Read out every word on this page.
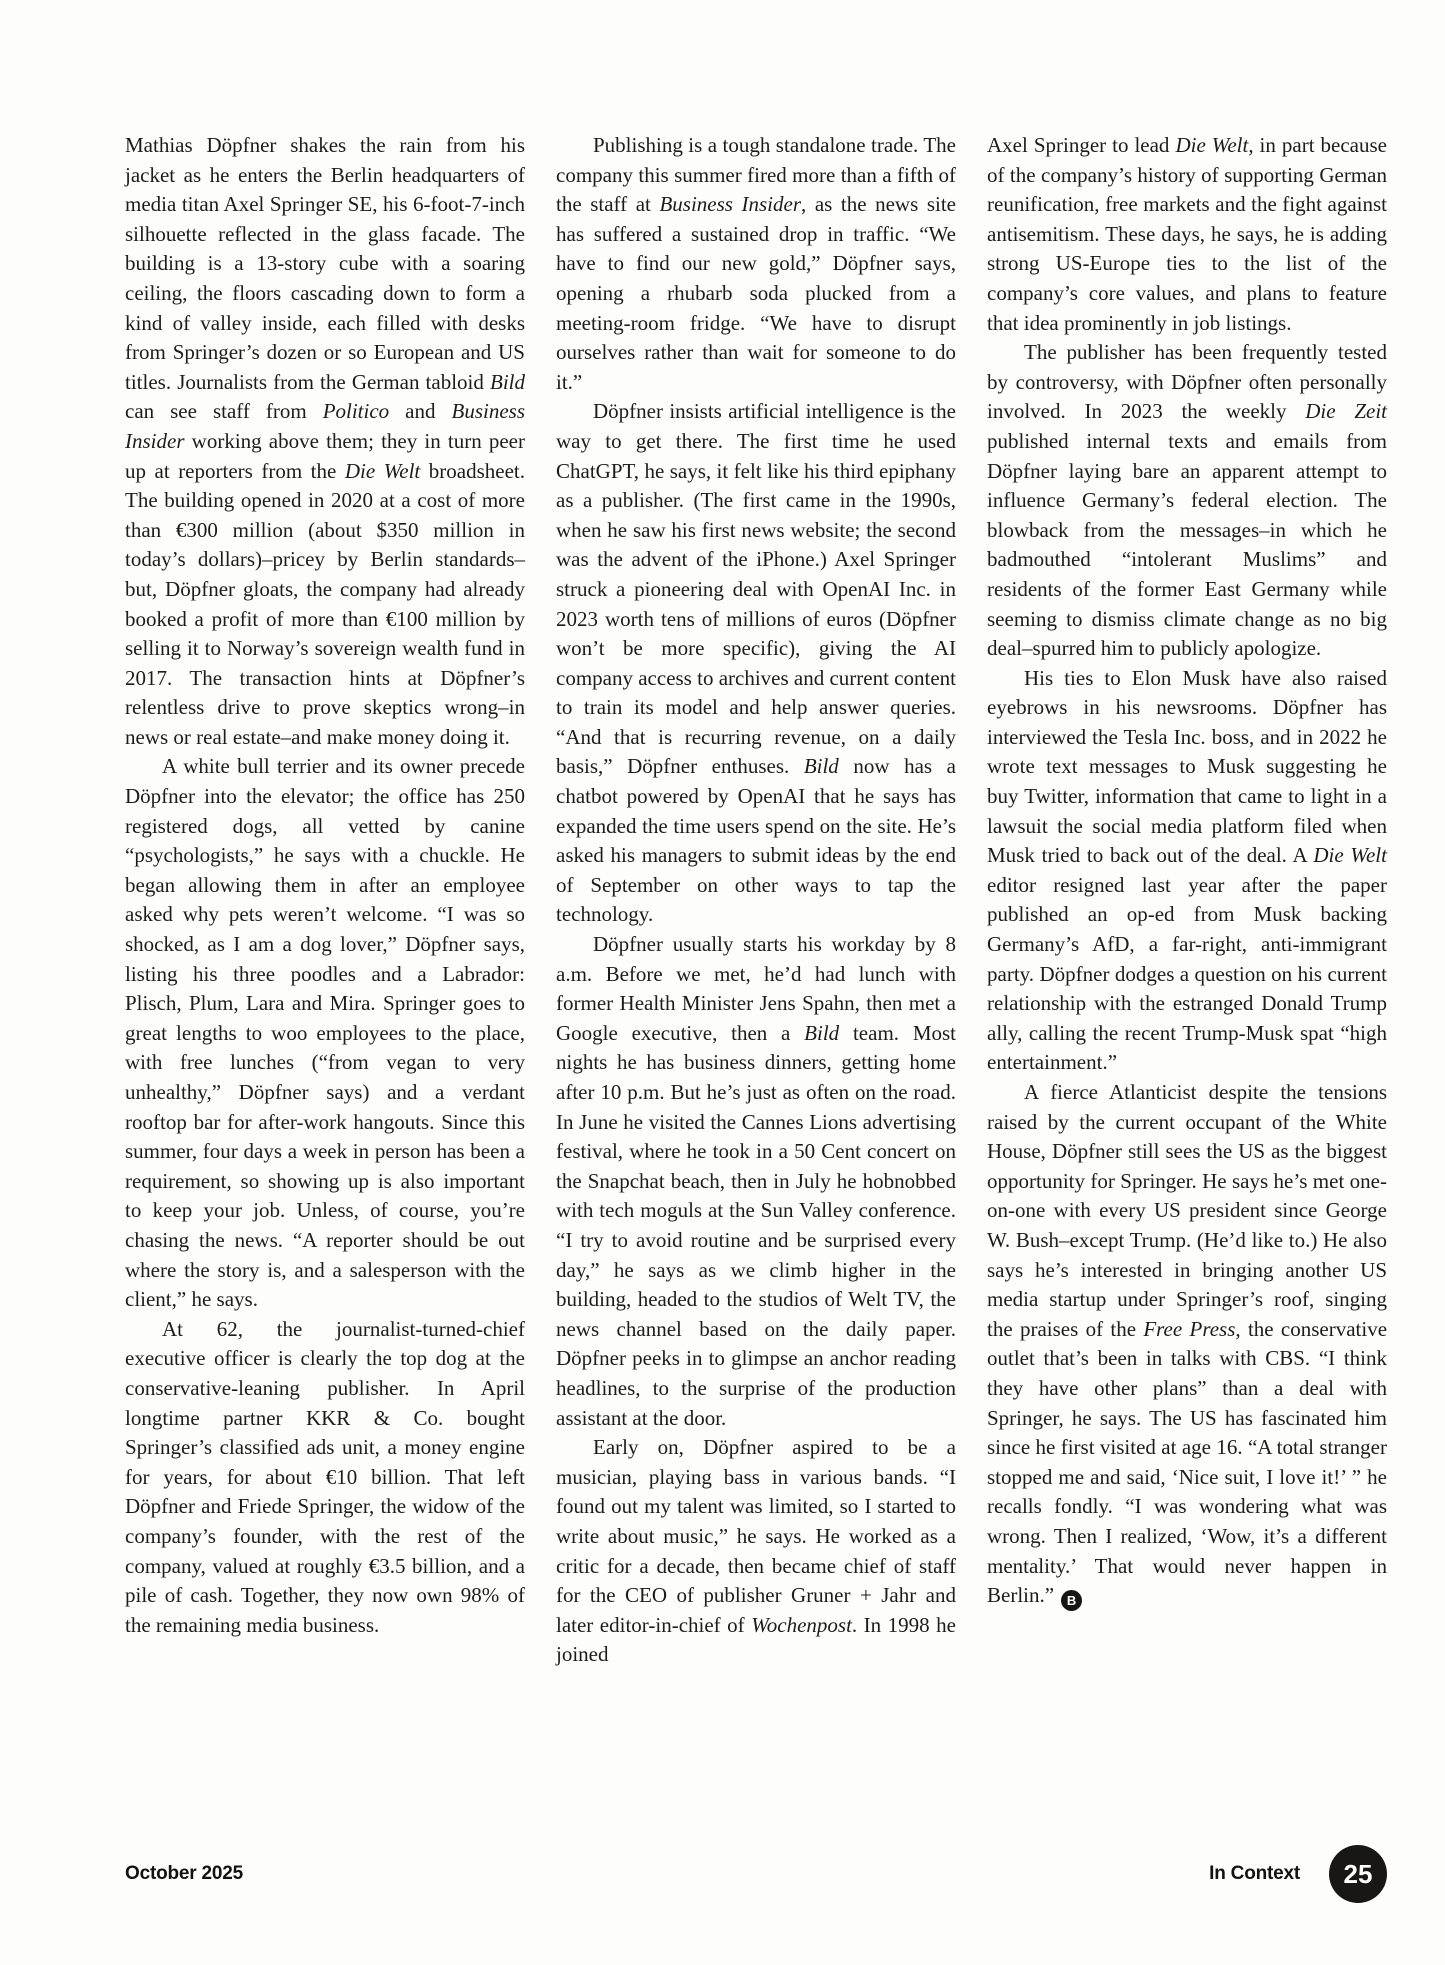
Mathias Döpfner shakes the rain from his jacket as he enters the Berlin headquarters of media titan Axel Springer SE, his 6-foot-7-inch silhouette reflected in the glass facade. The building is a 13-story cube with a soaring ceiling, the floors cascading down to form a kind of valley inside, each filled with desks from Springer’s dozen or so European and US titles. Journalists from the German tabloid Bild can see staff from Politico and Business Insider working above them; they in turn peer up at reporters from the Die Welt broadsheet. The building opened in 2020 at a cost of more than €300 million (about $350 million in today’s dollars)–pricey by Berlin standards–but, Döpfner gloats, the company had already booked a profit of more than €100 million by selling it to Norway’s sovereign wealth fund in 2017. The transaction hints at Döpfner’s relentless drive to prove skeptics wrong–in news or real estate–and make money doing it.

A white bull terrier and its owner precede Döpfner into the elevator; the office has 250 registered dogs, all vetted by canine “psychologists,” he says with a chuckle. He began allowing them in after an employee asked why pets weren’t welcome. “I was so shocked, as I am a dog lover,” Döpfner says, listing his three poodles and a Labrador: Plisch, Plum, Lara and Mira. Springer goes to great lengths to woo employees to the place, with free lunches (“from vegan to very unhealthy,” Döpfner says) and a verdant rooftop bar for after-work hangouts. Since this summer, four days a week in person has been a requirement, so showing up is also important to keep your job. Unless, of course, you’re chasing the news. “A reporter should be out where the story is, and a salesperson with the client,” he says.

At 62, the journalist-turned-chief executive officer is clearly the top dog at the conservative-leaning publisher. In April longtime partner KKR & Co. bought Springer’s classified ads unit, a money engine for years, for about €10 billion. That left Döpfner and Friede Springer, the widow of the company’s founder, with the rest of the company, valued at roughly €3.5 billion, and a pile of cash. Together, they now own 98% of the remaining media business.

Publishing is a tough standalone trade. The company this summer fired more than a fifth of the staff at Business Insider, as the news site has suffered a sustained drop in traffic. “We have to find our new gold,” Döpfner says, opening a rhubarb soda plucked from a meeting-room fridge. “We have to disrupt ourselves rather than wait for someone to do it.”

Döpfner insists artificial intelligence is the way to get there. The first time he used ChatGPT, he says, it felt like his third epiphany as a publisher. (The first came in the 1990s, when he saw his first news website; the second was the advent of the iPhone.) Axel Springer struck a pioneering deal with OpenAI Inc. in 2023 worth tens of millions of euros (Döpfner won’t be more specific), giving the AI company access to archives and current content to train its model and help answer queries. “And that is recurring revenue, on a daily basis,” Döpfner enthuses. Bild now has a chatbot powered by OpenAI that he says has expanded the time users spend on the site. He’s asked his managers to submit ideas by the end of September on other ways to tap the technology.

Döpfner usually starts his workday by 8 a.m. Before we met, he’d had lunch with former Health Minister Jens Spahn, then met a Google executive, then a Bild team. Most nights he has business dinners, getting home after 10 p.m. But he’s just as often on the road. In June he visited the Cannes Lions advertising festival, where he took in a 50 Cent concert on the Snapchat beach, then in July he hobnobbed with tech moguls at the Sun Valley conference. “I try to avoid routine and be surprised every day,” he says as we climb higher in the building, headed to the studios of Welt TV, the news channel based on the daily paper. Döpfner peeks in to glimpse an anchor reading headlines, to the surprise of the production assistant at the door.

Early on, Döpfner aspired to be a musician, playing bass in various bands. “I found out my talent was limited, so I started to write about music,” he says. He worked as a critic for a decade, then became chief of staff for the CEO of publisher Gruner + Jahr and later editor-in-chief of Wochenpost. In 1998 he joined

Axel Springer to lead Die Welt, in part because of the company’s history of supporting German reunification, free markets and the fight against antisemitism. These days, he says, he is adding strong US-Europe ties to the list of the company’s core values, and plans to feature that idea prominently in job listings.

The publisher has been frequently tested by controversy, with Döpfner often personally involved. In 2023 the weekly Die Zeit published internal texts and emails from Döpfner laying bare an apparent attempt to influence Germany’s federal election. The blowback from the messages–in which he badmouthed “intolerant Muslims” and residents of the former East Germany while seeming to dismiss climate change as no big deal–spurred him to publicly apologize.

His ties to Elon Musk have also raised eyebrows in his newsrooms. Döpfner has interviewed the Tesla Inc. boss, and in 2022 he wrote text messages to Musk suggesting he buy Twitter, information that came to light in a lawsuit the social media platform filed when Musk tried to back out of the deal. A Die Welt editor resigned last year after the paper published an op-ed from Musk backing Germany’s AfD, a far-right, anti-immigrant party. Döpfner dodges a question on his current relationship with the estranged Donald Trump ally, calling the recent Trump-Musk spat “high entertainment.”

A fierce Atlanticist despite the tensions raised by the current occupant of the White House, Döpfner still sees the US as the biggest opportunity for Springer. He says he’s met one-on-one with every US president since George W. Bush–except Trump. (He’d like to.) He also says he’s interested in bringing another US media startup under Springer’s roof, singing the praises of the Free Press, the conservative outlet that’s been in talks with CBS. “I think they have other plans” than a deal with Springer, he says. The US has fascinated him since he first visited at age 16. “A total stranger stopped me and said, ‘Nice suit, I love it!’ ” he recalls fondly. “I was wondering what was wrong. Then I realized, ‘Wow, it’s a different mentality.’ That would never happen in Berlin.” B

October 2025	In Context 25
